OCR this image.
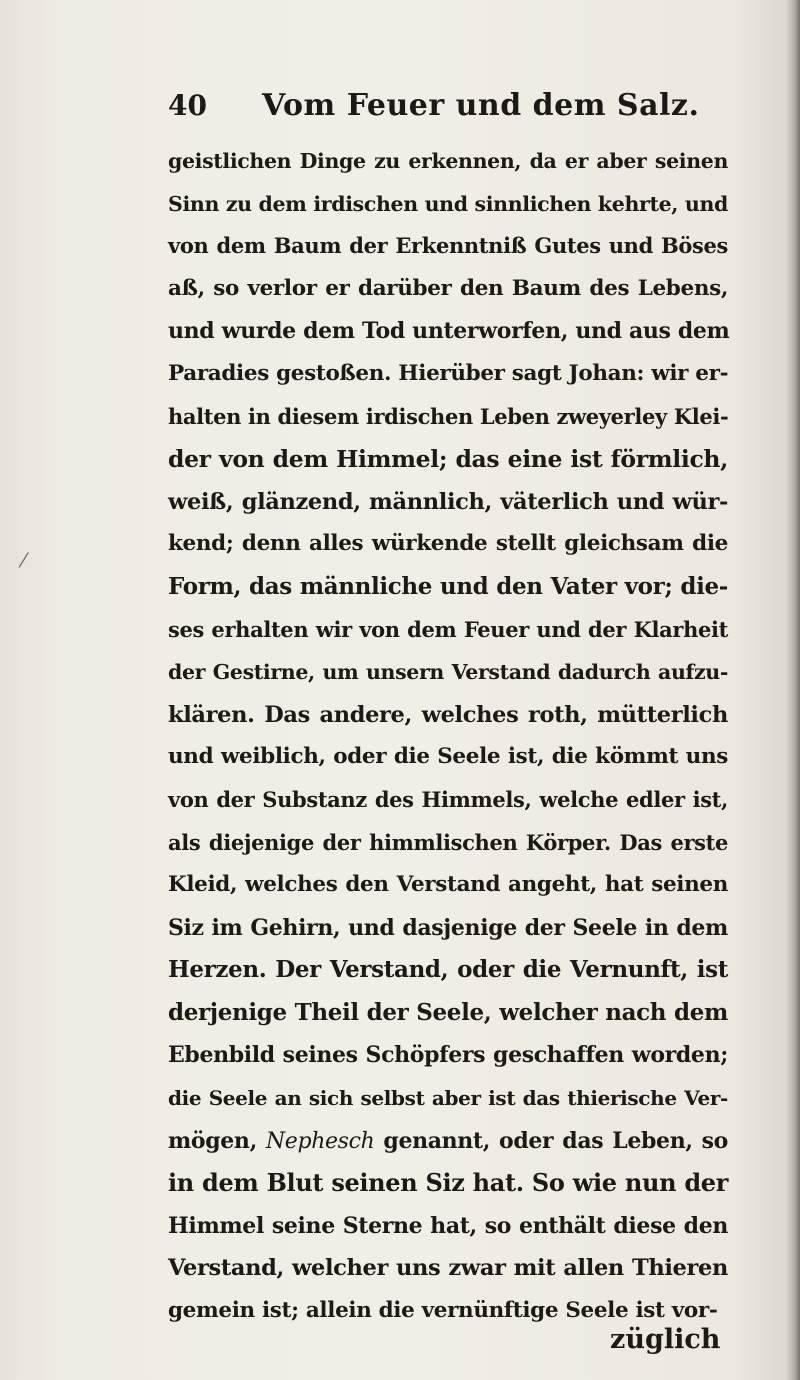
⁄
40	Vom Feuer und dem Salz.
geistlichen Dinge zu erkennen, da er aber seinen
Sinn zu dem irdischen und sinnlichen kehrte, und
von dem Baum der Erkenntniß Gutes und Böses
aß, so verlor er darüber den Baum des Lebens,
und wurde dem Tod unterworfen, und aus dem
Paradies gestoßen. Hierüber sagt Johan: wir er-
halten in diesem irdischen Leben zweyerley Klei-
der von dem Himmel; das eine ist förmlich,
weiß, glänzend, männlich, väterlich und wür-
kend; denn alles würkende stellt gleichsam die
Form, das männliche und den Vater vor; die-
ses erhalten wir von dem Feuer und der Klarheit
der Gestirne, um unsern Verstand dadurch aufzu-
klären. Das andere, welches roth, mütterlich
und weiblich, oder die Seele ist, die kömmt uns
von der Substanz des Himmels, welche edler ist,
als diejenige der himmlischen Körper. Das erste
Kleid, welches den Verstand angeht, hat seinen
Siz im Gehirn, und dasjenige der Seele in dem
Herzen. Der Verstand, oder die Vernunft, ist
derjenige Theil der Seele, welcher nach dem
Ebenbild seines Schöpfers geschaffen worden;
die Seele an sich selbst aber ist das thierische Ver-
mögen, Nephesch genannt, oder das Leben, so
in dem Blut seinen Siz hat. So wie nun der
Himmel seine Sterne hat, so enthält diese den
Verstand, welcher uns zwar mit allen Thieren
gemein ist; allein die vernünftige Seele ist vor-
züglich
